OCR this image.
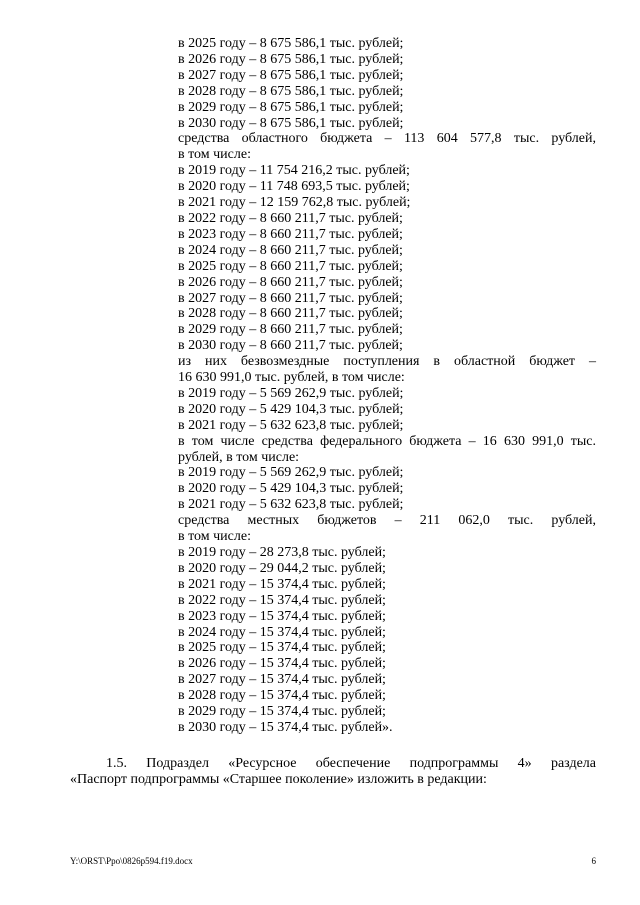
в 2025 году – 8 675 586,1 тыс. рублей;
в 2026 году – 8 675 586,1 тыс. рублей;
в 2027 году – 8 675 586,1 тыс. рублей;
в 2028 году – 8 675 586,1 тыс. рублей;
в 2029 году – 8 675 586,1 тыс. рублей;
в 2030 году – 8 675 586,1 тыс. рублей;
средства областного бюджета – 113 604 577,8 тыс. рублей,
в том числе:
в 2019 году – 11 754 216,2 тыс. рублей;
в 2020 году – 11 748 693,5 тыс. рублей;
в 2021 году – 12 159 762,8 тыс. рублей;
в 2022 году – 8 660 211,7 тыс. рублей;
в 2023 году – 8 660 211,7 тыс. рублей;
в 2024 году – 8 660 211,7 тыс. рублей;
в 2025 году – 8 660 211,7 тыс. рублей;
в 2026 году – 8 660 211,7 тыс. рублей;
в 2027 году – 8 660 211,7 тыс. рублей;
в 2028 году – 8 660 211,7 тыс. рублей;
в 2029 году – 8 660 211,7 тыс. рублей;
в 2030 году – 8 660 211,7 тыс. рублей;
из них безвозмездные поступления в областной бюджет –
16 630 991,0 тыс. рублей, в том числе:
в 2019 году – 5 569 262,9 тыс. рублей;
в 2020 году – 5 429 104,3 тыс. рублей;
в 2021 году – 5 632 623,8 тыс. рублей;
в том числе средства федерального бюджета – 16 630 991,0 тыс.
рублей, в том числе:
в 2019 году – 5 569 262,9 тыс. рублей;
в 2020 году – 5 429 104,3 тыс. рублей;
в 2021 году – 5 632 623,8 тыс. рублей;
средства местных бюджетов – 211 062,0 тыс. рублей,
в том числе:
в 2019 году – 28 273,8 тыс. рублей;
в 2020 году – 29 044,2 тыс. рублей;
в 2021 году – 15 374,4 тыс. рублей;
в 2022 году – 15 374,4 тыс. рублей;
в 2023 году – 15 374,4 тыс. рублей;
в 2024 году – 15 374,4 тыс. рублей;
в 2025 году – 15 374,4 тыс. рублей;
в 2026 году – 15 374,4 тыс. рублей;
в 2027 году – 15 374,4 тыс. рублей;
в 2028 году – 15 374,4 тыс. рублей;
в 2029 году – 15 374,4 тыс. рублей;
в 2030 году – 15 374,4 тыс. рублей».
1.5. Подраздел «Ресурсное обеспечение подпрограммы 4» раздела
«Паспорт подпрограммы «Старшее поколение» изложить в редакции:
Y:\ORST\Ppo\0826p594.f19.docx	6
